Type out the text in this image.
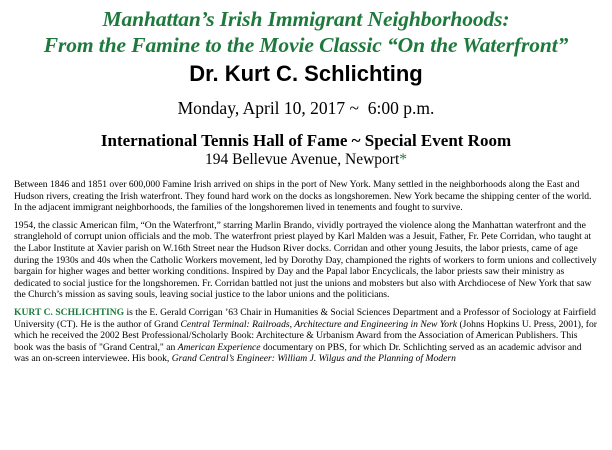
Manhattan’s Irish Immigrant Neighborhoods:
From the Famine to the Movie Classic “On the Waterfront”
Dr. Kurt C. Schlichting
Monday, April 10, 2017 ~  6:00 p.m.
International Tennis Hall of Fame ~ Special Event Room
194 Bellevue Avenue, Newport*

Between 1846 and 1851 over 600,000 Famine Irish arrived on ships in the port of New York. Many settled in the neighborhoods along the East and Hudson rivers, creating the Irish waterfront. They found hard work on the docks as longshoremen. New York became the shipping center of the world. In the adjacent immigrant neighborhoods, the families of the longshoremen lived in tenements and fought to survive.

1954, the classic American film, “On the Waterfront,” starring Marlin Brando, vividly portrayed the violence along the Manhattan waterfront and the stranglehold of corrupt union officials and the mob. The waterfront priest played by Karl Malden was a Jesuit, Father, Fr. Pete Corridan, who taught at the Labor Institute at Xavier parish on W.16th Street near the Hudson River docks. Corridan and other young Jesuits, the labor priests, came of age during the 1930s and 40s when the Catholic Workers movement, led by Dorothy Day, championed the rights of workers to form unions and collectively bargain for higher wages and better working conditions. Inspired by Day and the Papal labor Encyclicals, the labor priests saw their ministry as dedicated to social justice for the longshoremen. Fr. Corridan battled not just the unions and mobsters but also with Archdiocese of New York that saw the Church’s mission as saving souls, leaving social justice to the labor unions and the politicians.

KURT C. SCHLICHTING is the E. Gerald Corrigan ’63 Chair in Humanities & Social Sciences Department and a Professor of Sociology at Fairfield University (CT). He is the author of Grand Central Terminal: Railroads, Architecture and Engineering in New York (Johns Hopkins U. Press, 2001), for which he received the 2002 Best Professional/Scholarly Book: Architecture & Urbanism Award from the Association of American Publishers. This book was the basis of "Grand Central," an American Experience documentary on PBS, for which Dr. Schlichting served as an academic advisor and was an on-screen interviewee. His book, Grand Central’s Engineer: William J. Wilgus and the Planning of Modern
